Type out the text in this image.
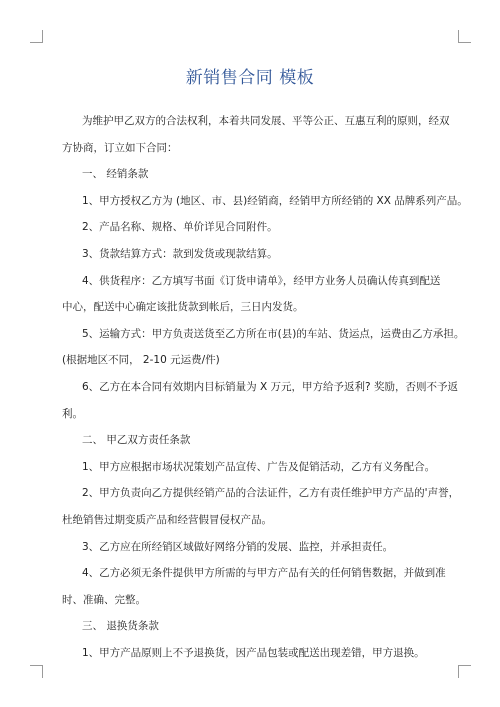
新销售合同 模板
为维护甲乙双方的合法权利，本着共同发展、平等公正、互惠互利的原则，经双
方协商，订立如下合同：
一、 经销条款
1、甲方授权乙方为 (地区、市、县)经销商，经销甲方所经销的 XX 品牌系列产品。
2、产品名称、规格、单价详见合同附件。
3、货款结算方式：款到发货或现款结算。
4、供货程序：乙方填写书面《订货申请单》，经甲方业务人员确认传真到配送
中心，配送中心确定该批货款到帐后，三日内发货。
5、运输方式：甲方负责送货至乙方所在市(县)的车站、货运点，运费由乙方承担。
(根据地区不同， 2-10 元运费/件)
6、乙方在本合同有效期内目标销量为 X 万元，甲方给予返利? 奖励，否则不予返
利。
二、 甲乙双方责任条款
1、甲方应根据市场状况策划产品宣传、广告及促销活动，乙方有义务配合。
2、甲方负责向乙方提供经销产品的合法证件，乙方有责任维护甲方产品的'声誉，
杜绝销售过期变质产品和经营假冒侵权产品。
3、乙方应在所经销区域做好网络分销的发展、监控，并承担责任。
4、乙方必须无条件提供甲方所需的与甲方产品有关的任何销售数据，并做到准
时、准确、完整。
三、 退换货条款
1、甲方产品原则上不予退换货，因产品包装或配送出现差错，甲方退换。
